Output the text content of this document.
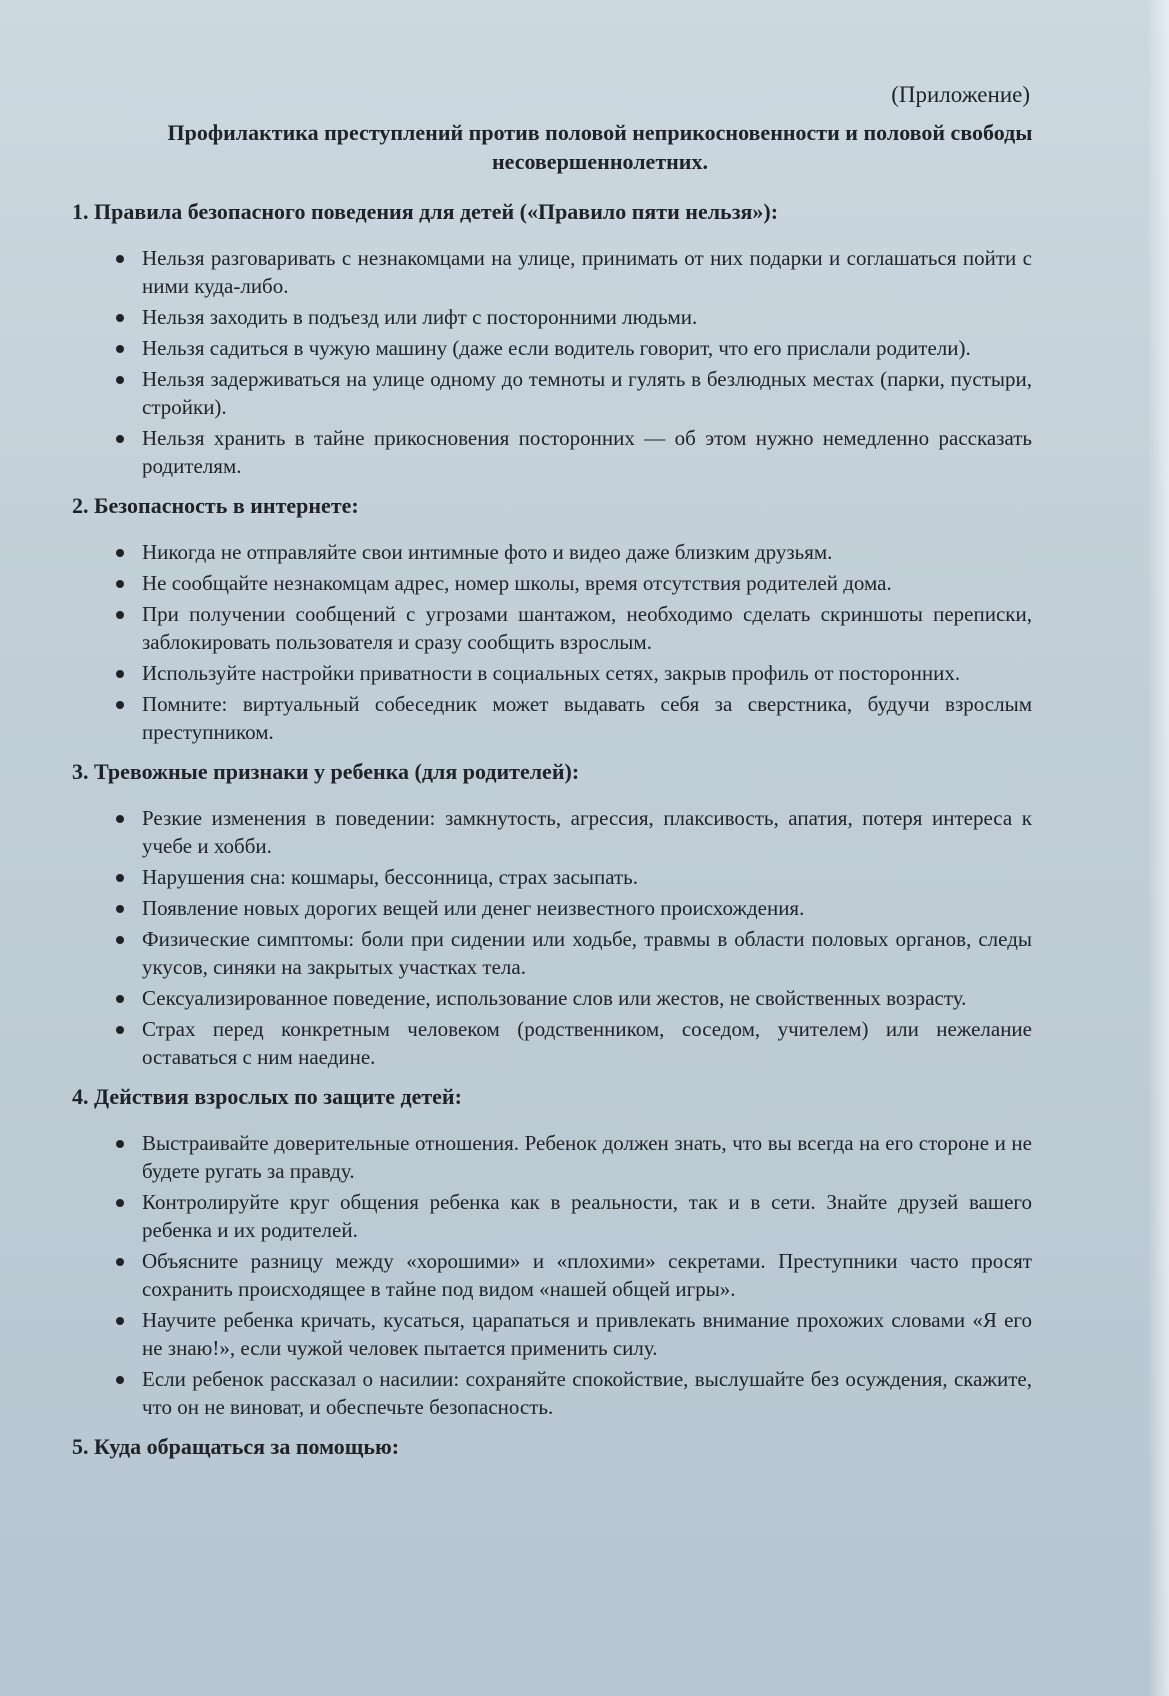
(Приложение)
Профилактика преступлений против половой неприкосновенности и половой свободы несовершеннолетних.
1. Правила безопасного поведения для детей («Правило пяти нельзя»):
Нельзя разговаривать с незнакомцами на улице, принимать от них подарки и соглашаться пойти с ними куда-либо.
Нельзя заходить в подъезд или лифт с посторонними людьми.
Нельзя садиться в чужую машину (даже если водитель говорит, что его прислали родители).
Нельзя задерживаться на улице одному до темноты и гулять в безлюдных местах (парки, пустыри, стройки).
Нельзя хранить в тайне прикосновения посторонних — об этом нужно немедленно рассказать родителям.
2. Безопасность в интернете:
Никогда не отправляйте свои интимные фото и видео даже близким друзьям.
Не сообщайте незнакомцам адрес, номер школы, время отсутствия родителей дома.
При получении сообщений с угрозами шантажом, необходимо сделать скриншоты переписки, заблокировать пользователя и сразу сообщить взрослым.
Используйте настройки приватности в социальных сетях, закрыв профиль от посторонних.
Помните: виртуальный собеседник может выдавать себя за сверстника, будучи взрослым преступником.
3. Тревожные признаки у ребенка (для родителей):
Резкие изменения в поведении: замкнутость, агрессия, плаксивость, апатия, потеря интереса к учебе и хобби.
Нарушения сна: кошмары, бессонница, страх засыпать.
Появление новых дорогих вещей или денег неизвестного происхождения.
Физические симптомы: боли при сидении или ходьбе, травмы в области половых органов, следы укусов, синяки на закрытых участках тела.
Сексуализированное поведение, использование слов или жестов, не свойственных возрасту.
Страх перед конкретным человеком (родственником, соседом, учителем) или нежелание оставаться с ним наедине.
4. Действия взрослых по защите детей:
Выстраивайте доверительные отношения. Ребенок должен знать, что вы всегда на его стороне и не будете ругать за правду.
Контролируйте круг общения ребенка как в реальности, так и в сети. Знайте друзей вашего ребенка и их родителей.
Объясните разницу между «хорошими» и «плохими» секретами. Преступники часто просят сохранить происходящее в тайне под видом «нашей общей игры».
Научите ребенка кричать, кусаться, царапаться и привлекать внимание прохожих словами «Я его не знаю!», если чужой человек пытается применить силу.
Если ребенок рассказал о насилии: сохраняйте спокойствие, выслушайте без осуждения, скажите, что он не виноват, и обеспечьте безопасность.
5. Куда обращаться за помощью:
